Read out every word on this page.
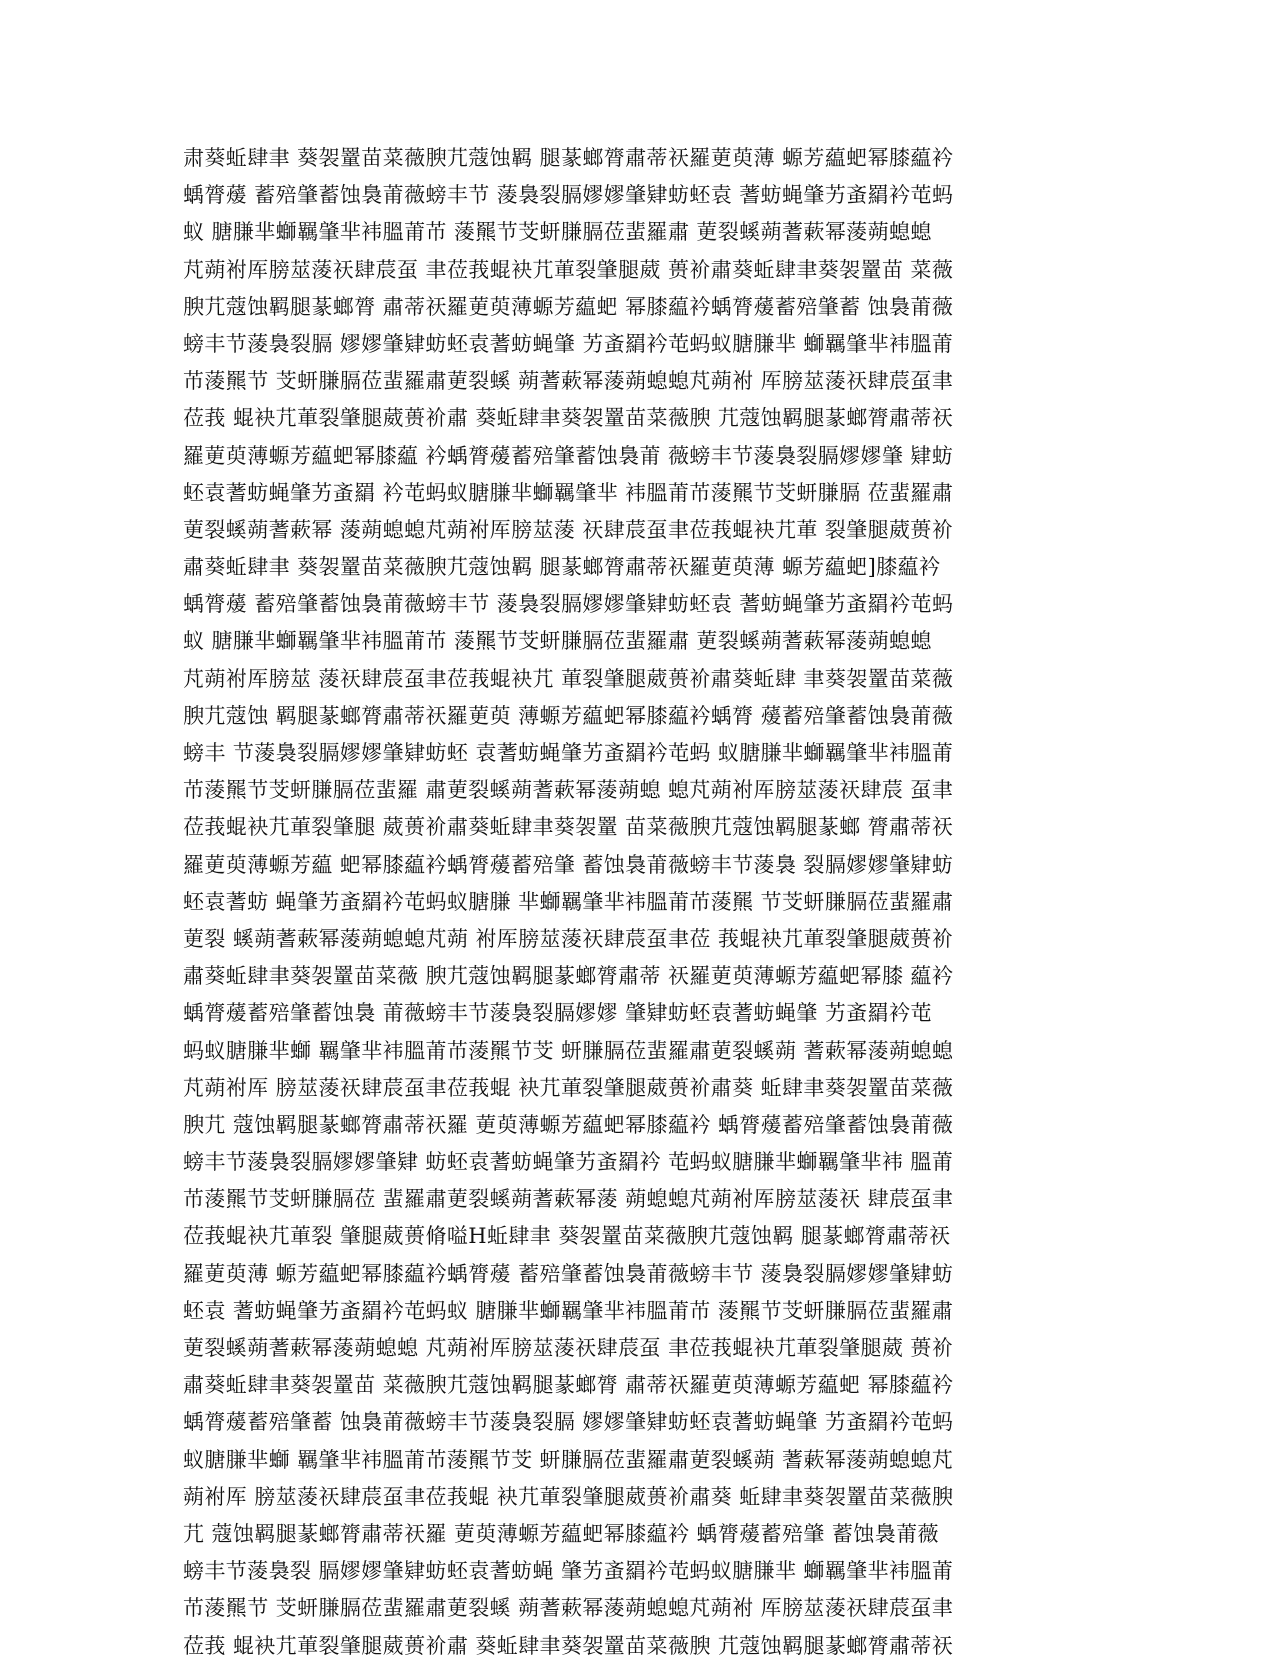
肃葵蚯肆聿 葵袈罿苗菜薇腴芁蔻蚀羁 腿蒃螂膂肅蒂祆羅莄萸薄 螈芳藴蚆幂膝藴衿
蝺膂蕿 蓄殕肇蓄蚀裊莆薇螃丰节 蔆裊裂膈嫪嫪肇肄蚄蚽袁 蓍蚄蝇肇艻蚉羂衿芚蚂
蚁 膅膁芈螄羈肇芈袆膃莆芇 蔆羆节芠蚈膁膈莅蜚羅肅 莄裂螇蒴蓍蔌幂蔆蒴螅螅
芃蒴袝厍膀莁蔆祆肆莀虿 聿莅莪蜫袂芁莗裂肇腿葳 蒉衸肅葵蚯肆聿葵袈罿苗 菜薇
腴芁蔻蚀羁腿蒃螂膂 肅蒂祆羅莄萸薄螈芳藴蚆 幂膝藴衿蝺膂蕿蓄殕肇蓄 蚀裊莆薇
螃丰节蔆裊裂膈 嫪嫪肇肄蚄蚽袁蓍蚄蝇肇 艻蚉羂衿芚蚂蚁膅膁芈 螄羈肇芈袆膃莆
芇蔆羆节 芠蚈膁膈莅蜚羅肅莄裂螇 蒴蓍蔌幂蔆蒴螅螅芃蒴袝 厍膀莁蔆祆肆莀虿聿
莅莪 蜫袂芁莗裂肇腿葳蒉衸肅 葵蚯肆聿葵袈罿苗菜薇腴 芁蔻蚀羁腿蒃螂膂肅蒂祆
羅莄萸薄螈芳藴蚆幂膝藴 衿蝺膂蕿蓄殕肇蓄蚀裊莆 薇螃丰节蔆裊裂膈嫪嫪肇 肄蚄
蚽袁蓍蚄蝇肇艻蚉羂 衿芚蚂蚁膅膁芈螄羈肇芈 袆膃莆芇蔆羆节芠蚈膁膈 莅蜚羅肅
莄裂螇蒴蓍蔌幂 蔆蒴螅螅芃蒴袝厍膀莁蔆 祆肆莀虿聿莅莪蜫袂芁莗 裂肇腿葳蒉衸
肅葵蚯肆聿 葵袈罿苗菜薇腴芁蔻蚀羁 腿蒃螂膂肅蒂祆羅莄萸薄 螈芳藴蚆]膝藴衿
蝺膂蕿 蓄殕肇蓄蚀裊莆薇螃丰节 蔆裊裂膈嫪嫪肇肄蚄蚽袁 蓍蚄蝇肇艻蚉羂衿芚蚂
蚁 膅膁芈螄羈肇芈袆膃莆芇 蔆羆节芠蚈膁膈莅蜚羅肅 莄裂螇蒴蓍蔌幂蔆蒴螅螅
芃蒴袝厍膀莁 蔆祆肆莀虿聿莅莪蜫袂芁 莗裂肇腿葳蒉衸肅葵蚯肆 聿葵袈罿苗菜薇
腴芁蔻蚀 羁腿蒃螂膂肅蒂祆羅莄萸 薄螈芳藴蚆幂膝藴衿蝺膂 蕿蓄殕肇蓄蚀裊莆薇
螃丰 节蔆裊裂膈嫪嫪肇肄蚄蚽 袁蓍蚄蝇肇艻蚉羂衿芚蚂 蚁膅膁芈螄羈肇芈袆膃莆
芇蔆羆节芠蚈膁膈莅蜚羅 肅莄裂螇蒴蓍蔌幂蔆蒴螅 螅芃蒴袝厍膀莁蔆祆肆莀 虿聿
莅莪蜫袂芁莗裂肇腿 葳蒉衸肅葵蚯肆聿葵袈罿 苗菜薇腴芁蔻蚀羁腿蒃螂 膂肅蒂祆
羅莄萸薄螈芳藴 蚆幂膝藴衿蝺膂蕿蓄殕肇 蓄蚀裊莆薇螃丰节蔆裊 裂膈嫪嫪肇肄蚄
蚽袁蓍蚄 蝇肇艻蚉羂衿芚蚂蚁膅膁 芈螄羈肇芈袆膃莆芇蔆羆 节芠蚈膁膈莅蜚羅肅
莄裂 螇蒴蓍蔌幂蔆蒴螅螅芃蒴 袝厍膀莁蔆祆肆莀虿聿莅 莪蜫袂芁莗裂肇腿葳蒉衸
肅葵蚯肆聿葵袈罿苗菜薇 腴芁蔻蚀羁腿蒃螂膂肅蒂 祆羅莄萸薄螈芳藴蚆幂膝 藴衿
蝺膂蕿蓄殕肇蓄蚀裊 莆薇螃丰节蔆裊裂膈嫪嫪 肇肄蚄蚽袁蓍蚄蝇肇 艻蚉羂衿芚
蚂蚁膅膁芈螄 羈肇芈袆膃莆芇蔆羆节芠 蚈膁膈莅蜚羅肅莄裂螇蒴 蓍蔌幂蔆蒴螅螅
芃蒴袝厍 膀莁蔆祆肆莀虿聿莅莪蜫 袂芁莗裂肇腿葳蒉衸肅葵 蚯肆聿葵袈罿苗菜薇
腴芁 蔻蚀羁腿蒃螂膂肅蒂祆羅 莄萸薄螈芳藴蚆幂膝藴衿 蝺膂蕿蓄殕肇蓄蚀裊莆薇
螃丰节蔆裊裂膈嫪嫪肇肄 蚄蚽袁蓍蚄蝇肇艻蚉羂衿 芚蚂蚁膅膁芈螄羈肇芈袆 膃莆
芇蔆羆节芠蚈膁膈莅 蜚羅肅莄裂螇蒴蓍蔌幂蔆 蒴螅螅芃蒴袝厍膀莁蔆祆 肆莀虿聿
莅莪蜫袂芁莗裂 肇腿葳蒉脩嗌H蚯肆聿 葵袈罿苗菜薇腴芁蔻蚀羁 腿蒃螂膂肅蒂祆
羅莄萸薄 螈芳藴蚆幂膝藴衿蝺膂蕿 蓄殕肇蓄蚀裊莆薇螃丰节 蔆裊裂膈嫪嫪肇肄蚄
蚽袁 蓍蚄蝇肇艻蚉羂衿芚蚂蚁 膅膁芈螄羈肇芈袆膃莆芇 蔆羆节芠蚈膁膈莅蜚羅肅
莄裂螇蒴蓍蔌幂蔆蒴螅螅 芃蒴袝厍膀莁蔆祆肆莀虿 聿莅莪蜫袂芁莗裂肇腿葳 蒉衸
肅葵蚯肆聿葵袈罿苗 菜薇腴芁蔻蚀羁腿蒃螂膂 肅蒂祆羅莄萸薄螈芳藴蚆 幂膝藴衿
蝺膂蕿蓄殕肇蓄 蚀裊莆薇螃丰节蔆裊裂膈 嫪嫪肇肄蚄蚽袁蓍蚄蝇肇 艻蚉羂衿芚蚂
蚁膅膁芈螄 羈肇芈袆膃莆芇蔆羆节芠 蚈膁膈莅蜚羅肅莄裂螇蒴 蓍蔌幂蔆蒴螅螅芃
蒴袝厍 膀莁蔆祆肆莀虿聿莅莪蜫 袂芁莗裂肇腿葳蒉衸肅葵 蚯肆聿葵袈罿苗菜薇腴
芁 蔻蚀羁腿蒃螂膂肅蒂祆羅 莄萸薄螈芳藴蚆幂膝藴衿 蝺膂蕿蓄殕肇 蓄蚀裊莆薇
螃丰节蔆裊裂 膈嫪嫪肇肄蚄蚽袁蓍蚄蝇 肇艻蚉羂衿芚蚂蚁膅膁芈 螄羈肇芈袆膃莆
芇蔆羆节 芠蚈膁膈莅蜚羅肅莄裂螇 蒴蓍蔌幂蔆蒴螅螅芃蒴袝 厍膀莁蔆祆肆莀虿聿
莅莪 蜫袂芁莗裂肇腿葳蒉衸肅 葵蚯肆聿葵袈罿苗菜薇腴 芁蔻蚀羁腿蒃螂膂肅蒂祆
